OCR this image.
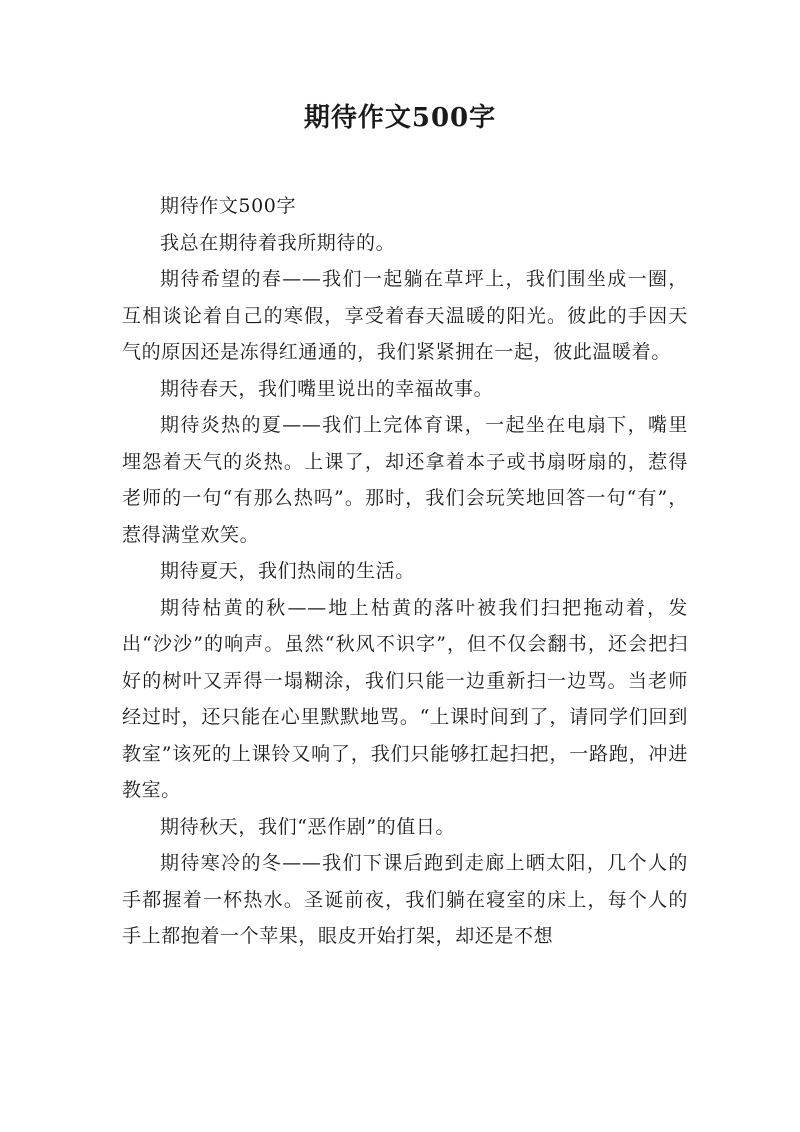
期待作文500字

期待作文500字

我总在期待着我所期待的。

期待希望的春——我们一起躺在草坪上，我们围坐成一圈，互相谈论着自己的寒假，享受着春天温暖的阳光。彼此的手因天气的原因还是冻得红通通的，我们紧紧拥在一起，彼此温暖着。

期待春天，我们嘴里说出的幸福故事。

期待炎热的夏——我们上完体育课，一起坐在电扇下，嘴里埋怨着天气的炎热。上课了，却还拿着本子或书扇呀扇的，惹得老师的一句“有那么热吗”。那时，我们会玩笑地回答一句“有”，惹得满堂欢笑。

期待夏天，我们热闹的生活。

期待枯黄的秋——地上枯黄的落叶被我们扫把拖动着，发出“沙沙”的响声。虽然“秋风不识字”，但不仅会翻书，还会把扫好的树叶又弄得一塌糊涂，我们只能一边重新扫一边骂。当老师经过时，还只能在心里默默地骂。“上课时间到了，请同学们回到教室”该死的上课铃又响了，我们只能够扛起扫把，一路跑，冲进教室。

期待秋天，我们“恶作剧”的值日。

期待寒冷的冬——我们下课后跑到走廊上晒太阳，几个人的手都握着一杯热水。圣诞前夜，我们躺在寝室的床上，每个人的手上都抱着一个苹果，眼皮开始打架，却还是不想
